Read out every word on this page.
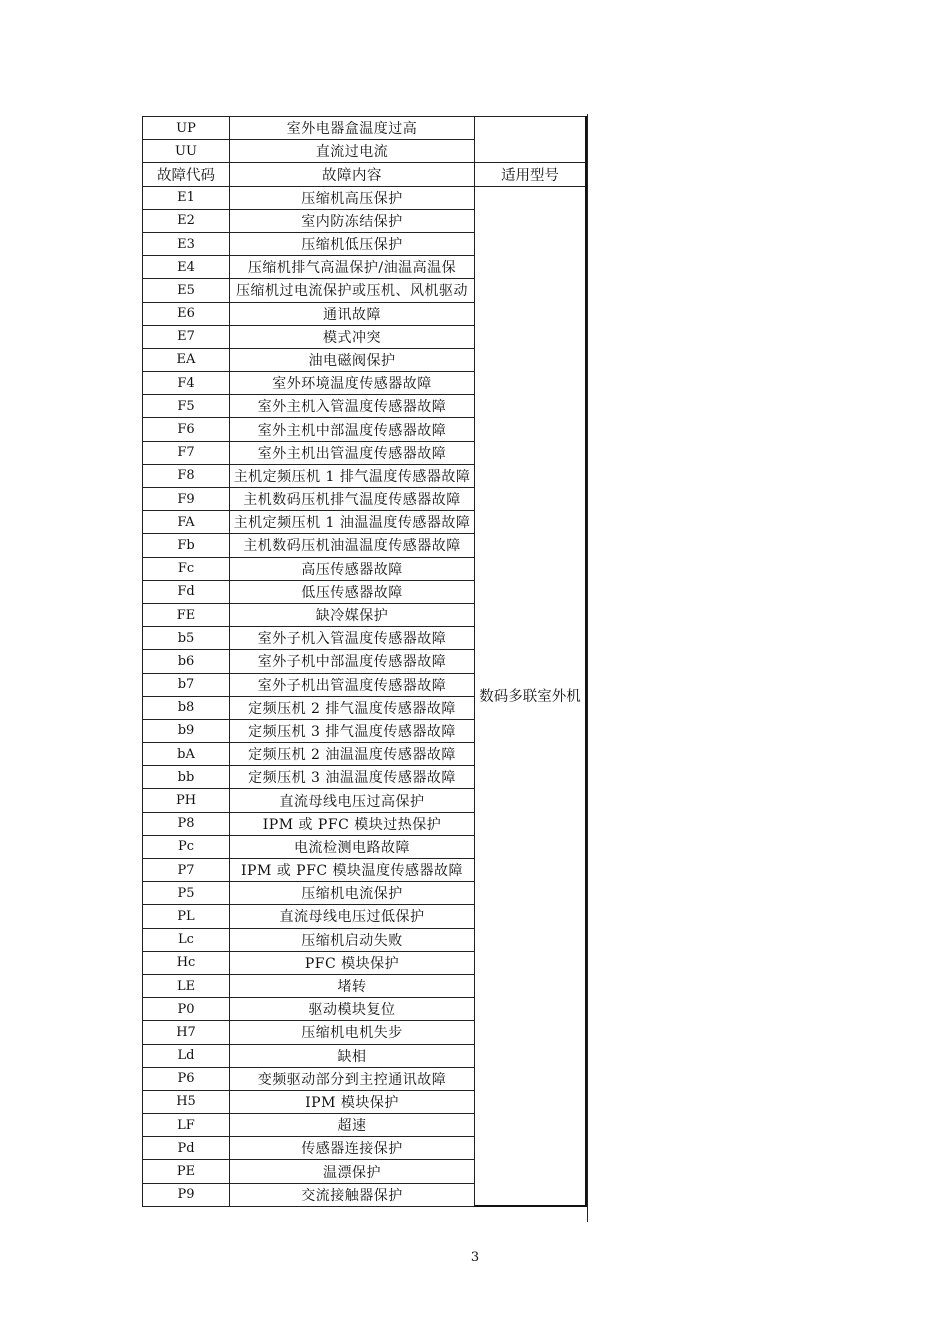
UP	室外电器盒温度过高	
UU	直流过电流	
故障代码	故障内容	适用型号
E1	压缩机高压保护	数码多联室外机
E2	室内防冻结保护	
E3	压缩机低压保护	
E4	压缩机排气高温保护/油温高温保	
E5	压缩机过电流保护或压机、风机驱动	
E6	通讯故障	
E7	模式冲突	
EA	油电磁阀保护	
F4	室外环境温度传感器故障	
F5	室外主机入管温度传感器故障	
F6	室外主机中部温度传感器故障	
F7	室外主机出管温度传感器故障	
F8	主机定频压机 1 排气温度传感器故障	
F9	主机数码压机排气温度传感器故障	
FA	主机定频压机 1 油温温度传感器故障	
Fb	主机数码压机油温温度传感器故障	
Fc	高压传感器故障	
Fd	低压传感器故障	
FE	缺冷媒保护	
b5	室外子机入管温度传感器故障	
b6	室外子机中部温度传感器故障	
b7	室外子机出管温度传感器故障	
b8	定频压机 2 排气温度传感器故障	
b9	定频压机 3 排气温度传感器故障	
bA	定频压机 2 油温温度传感器故障	
bb	定频压机 3 油温温度传感器故障	
PH	直流母线电压过高保护	
P8	IPM 或 PFC 模块过热保护	
Pc	电流检测电路故障	
P7	IPM 或 PFC 模块温度传感器故障	
P5	压缩机电流保护	
PL	直流母线电压过低保护	
Lc	压缩机启动失败	
Hc	PFC 模块保护	
LE	堵转	
P0	驱动模块复位	
H7	压缩机电机失步	
Ld	缺相	
P6	变频驱动部分到主控通讯故障	
H5	IPM 模块保护	
LF	超速	
Pd	传感器连接保护	
PE	温漂保护	
P9	交流接触器保护	
3
